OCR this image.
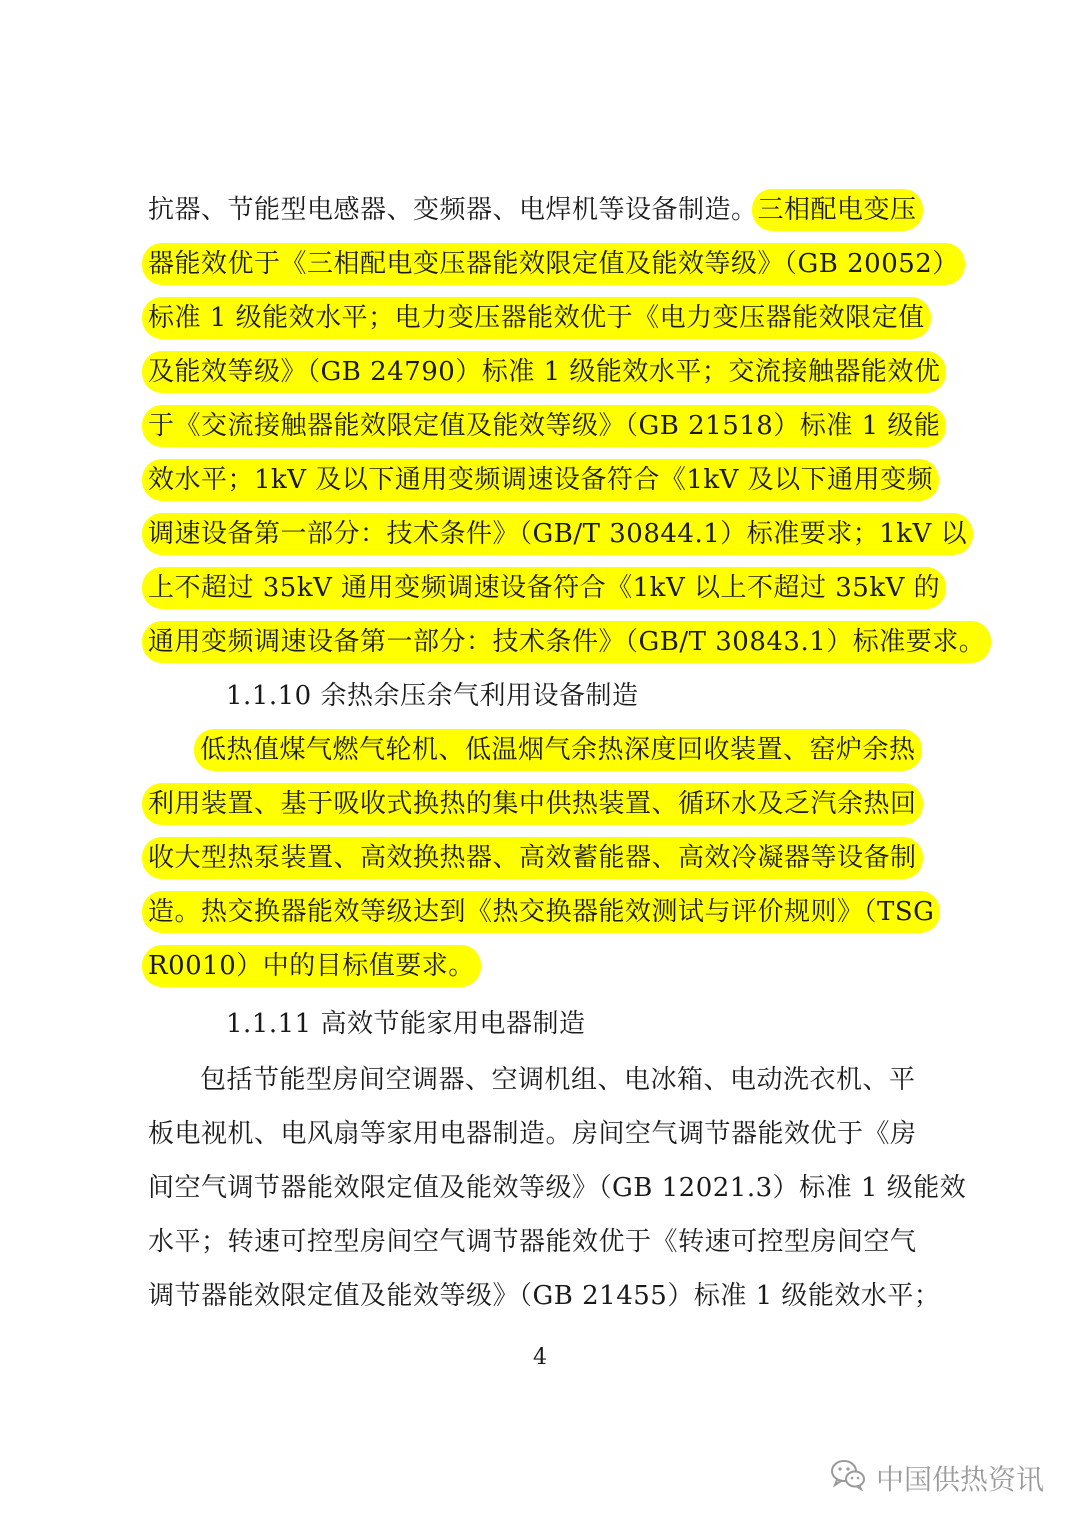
抗器、节能型电感器、变频器、电焊机等设备制造。三相配电变压
器能效优于《三相配电变压器能效限定值及能效等级》（GB 20052）
标准 1 级能效水平；电力变压器能效优于《电力变压器能效限定值
及能效等级》（GB 24790）标准 1 级能效水平；交流接触器能效优
于《交流接触器能效限定值及能效等级》（GB 21518）标准 1 级能
效水平；1kV 及以下通用变频调速设备符合《1kV 及以下通用变频
调速设备第一部分：技术条件》（GB/T 30844.1）标准要求；1kV 以
上不超过 35kV 通用变频调速设备符合《1kV 以上不超过 35kV 的
通用变频调速设备第一部分：技术条件》（GB/T 30843.1）标准要求。
1.1.10 余热余压余气利用设备制造
低热值煤气燃气轮机、低温烟气余热深度回收装置、窑炉余热
利用装置、基于吸收式换热的集中供热装置、循环水及乏汽余热回
收大型热泵装置、高效换热器、高效蓄能器、高效冷凝器等设备制
造。热交换器能效等级达到《热交换器能效测试与评价规则》（TSG
R0010）中的目标值要求。
1.1.11 高效节能家用电器制造
包括节能型房间空调器、空调机组、电冰箱、电动洗衣机、平
板电视机、电风扇等家用电器制造。房间空气调节器能效优于《房
间空气调节器能效限定值及能效等级》（GB 12021.3）标准 1 级能效
水平；转速可控型房间空气调节器能效优于《转速可控型房间空气
调节器能效限定值及能效等级》（GB 21455）标准 1 级能效水平；
4
中国供热资讯
